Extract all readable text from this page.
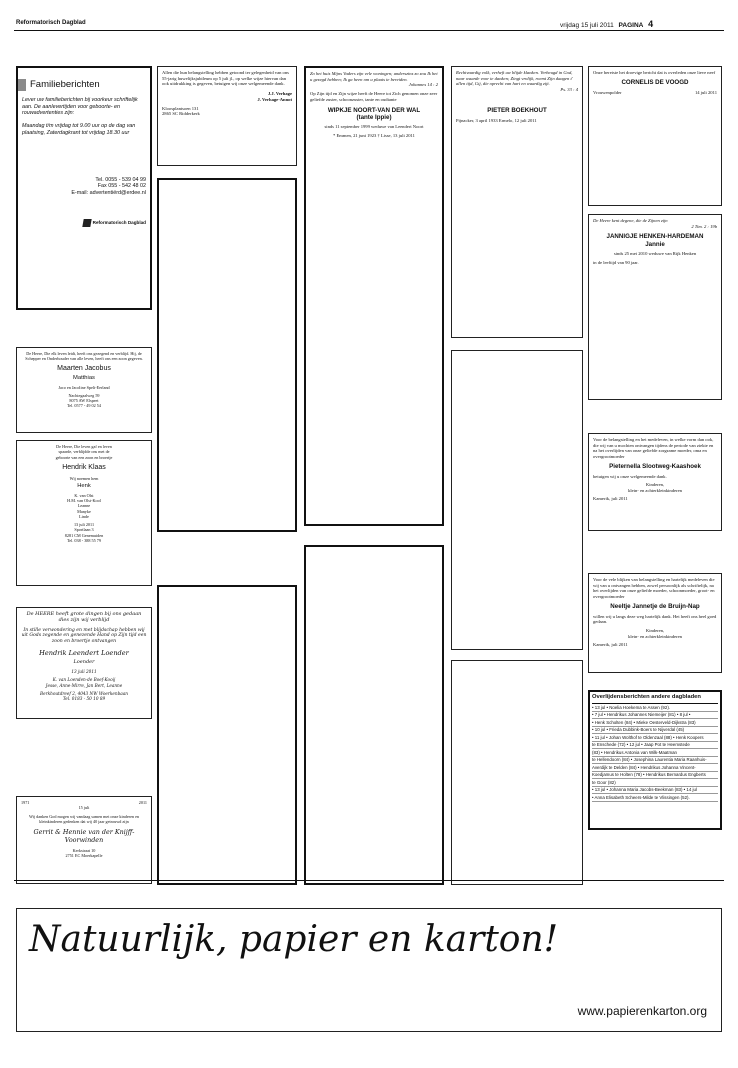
Reformatorisch Dagblad	vrijdag 15 juli 2011 PAGINA 4
Familieberichten
Lever uw familieberichten bij voorkeur schriftelijk aan. De aanlevertijden voor geboorte- en rouwadvertenties zijn:
Maandag t/m vrijdag tot 9.00 uur op de dag van plaatsing, Zaterdagkrant tot vrijdag 18.30 uur
Tel. 0055 - 539 04 99
Fax 055 - 542 48 02
E-mail: advertentiërd@erdee.nl
Reformatorisch Dagblad
De Heere, Die elk leven leidt, heeft ons gezegend en verblijd. Hij, de Schepper en Onderhouder van alle leven, heeft ons een zoon gegeven.
Maarten Jacobus
Matthias
Jaco en Jacoline Spelt-Eerland
Nachtegaalweg 59
8075 AW Elspeet
Tel. 0577 - 49 02 54
De Heere, Die leven gaf en leven spaarde, verblijdde ons met de geboorte van een zoon en broertje
Hendrik Klaas
Wij noemen hem
Henk
K. van Olst
H.M. van Olst-Kool
Leanne
Manyke
Linde
13 juli 2011
Sportlaan 3
8281 CM Genemuiden
Tel. 038 - 388 55 79
De HEERE heeft grote dingen bij ons gedaan dies zijn wij verblijd
In stille verwondering en met blijdschap hebben wij uit Gods zegende en genezende Hand op Zijn tijd een zoon en broertje ontvangen
Hendrik Leendert Loender
Loender
13 juli 2011
K. van Loenden-de Boef-Kooij
Jesse, Anne-Mirre, Jan Bert, Leanne
Berkhoutdreef 2, 4043 NW Woerkenbaan
Tel. 0183 - 50 10 89
1971	2011
15 juli
Wij danken God mogen wij vandaag samen met onze kinderen en kleinkinderen gedenken dat wij 40 jaar getrouwd zijn
Gerrit & Hennie van der Knijff-Voorwinden
Kerkstraat 10
2751 EC Moerkapelle
Allen die hun belangstelling hebben getoond ter gelegenheid van ons 55-jarig huwelijksjubileum op 5 juli jl., op welke wijze hiervan dan ook uitdrukking is gegeven, betuigen wij onze welgemeende dank.
J.J. Verhage
J. Verhage-Annot
Kloosplantsoen 131
2865 SC Ridderkerk
Zo het huis Mijns Vaders zijn vele woningen; anderszins zo zou Ik het u gezegd hebben; Ik ga heen om u plaats te bereiden.
Johannes 14 : 2
Op Zijn tijd en Zijn wijze heeft de Heere tot Zich genomen onze zeer geliefde zuster, schoonzuster, tante en oudtante
WIPKJE NOORT-VAN DER WAL
(tante Ippie)
sinds 11 september 1999 weduwe van Leendert Noort
* Emmen, 21 juni 1923 † Lisse, 13 juli 2011
Rechtvaardig volk, verheft uw blijde klanken. Verheugd in God, naar waarde voor te danken; Zingt vrolijk, roemt Zijn daagen t' allen tijd, Gij, die oprecht van hart en waardig zijt.
Ps. 33 : 4
PIETER BOEKHOUT
Pijnacker, 3 april 1933 Ermelo, 12 juli 2011
Onze bereiste het droevige bericht dat is overleden onze lieve neef
CORNELIS DE VOOGD
Vrouwenpolder	14 juli 2011
De Heere kent degene, die de Zijnen zijn
2 Tim. 2 : 19b
JANNIGJE HENKEN-HARDEMAN
Jannie
sinds 25 mei 2010 weduwe van Rijk Henken
in de leeftijd van 90 jaar.
Voor de belangstelling en het medeleven, in welke vorm dan ook, die wij van u mochten ontvangen tijdens de periode van ziekte en na het overlijden van onze geliefde zorgzame moeder, oma en overgrootmoeder
Pieternella Slootweg-Kaashoek
betuigen wij u onze welgemeende dank.
Kinderen,
klein- en achterkleinkinderen
Kamerik, juli 2011
Voor de vele blijken van belangstelling en hartelijk medeleven die wij van u ontvangen hebben, zowel persoonlijk als schriftelijk, na het overlijden van onze geliefde moeder, schoonmoeder, groot- en overgrootmoeder
Neeltje Jannetje de Bruijn-Nap
willen wij u langs deze weg hartelijk dank. Het heeft ons heel goed gedaan.
Kinderen,
klein- en achterkleinkinderen
Kamerik, juli 2011
Overlijdensberichten andere dagbladen
• 13 jul • Noelia Hoekema te Assen (92).
• 7 jul • Hendrikus Johannes Niemeijer (81) • 8 jul •
• Henk Scholten (84) • Mieke Oesterveld-Dijkstra (83)
• 10 jul • Frieda Dubbink-Boers te Nijverdal (45)
• 11 jul • Johan Wolthof te Oldenzaal (88) • Henk Koopers
te Enschede (72) • 12 jul • Jaap Pot te Heemstede
(83) • Hendrikus Antonia van Wilk-Maatman
te Hellendoorn (84) • Josephina Laurentia Maria Raanhuis-
Averdijk te Delden (84) • Hendrikus Johanna Vincent-
Koedjamus te Holten (78) • Hendrikus Bernardus Engberts
te Goor (82)
• 13 jul • Johanna Maria Jacobs-Beekman (83) • 14 jul
• Anna Elisabeth Scheers-Milde te Vlissingen (52).
Natuurlijk, papier en karton!
www.papierenkarton.org
